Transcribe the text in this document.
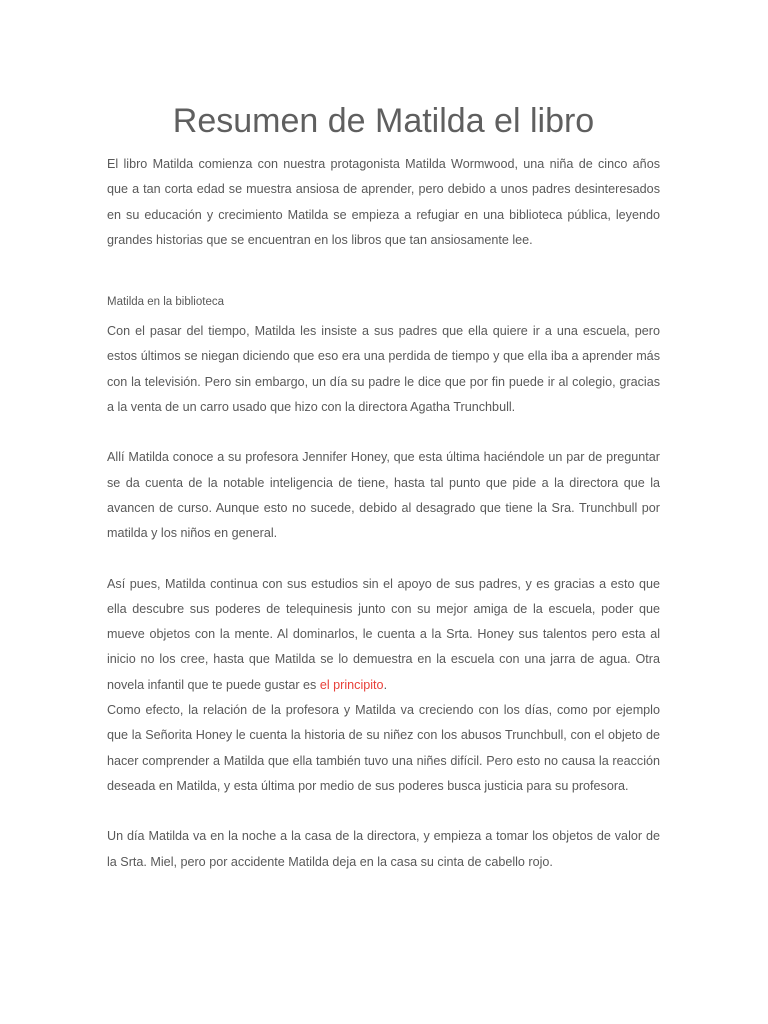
Resumen de Matilda el libro

El libro Matilda comienza con nuestra protagonista Matilda Wormwood, una niña de cinco años que a tan corta edad se muestra ansiosa de aprender, pero debido a unos padres desinteresados en su educación y crecimiento Matilda se empieza a refugiar en una biblioteca pública, leyendo grandes historias que se encuentran en los libros que tan ansiosamente lee.

Matilda en la biblioteca

Con el pasar del tiempo, Matilda les insiste a sus padres que ella quiere ir a una escuela, pero estos últimos se niegan diciendo que eso era una perdida de tiempo y que ella iba a aprender más con la televisión. Pero sin embargo, un día su padre le dice que por fin puede ir al colegio, gracias a la venta de un carro usado que hizo con la directora Agatha Trunchbull.

Allí Matilda conoce a su profesora Jennifer Honey, que esta última haciéndole un par de preguntar se da cuenta de la notable inteligencia de tiene, hasta tal punto que pide a la directora que la avancen de curso. Aunque esto no sucede, debido al desagrado que tiene la Sra. Trunchbull por matilda y los niños en general.

Así pues, Matilda continua con sus estudios sin el apoyo de sus padres, y es gracias a esto que ella descubre sus poderes de telequinesis junto con su mejor amiga de la escuela, poder que mueve objetos con la mente. Al dominarlos, le cuenta a la Srta. Honey sus talentos pero esta al inicio no los cree, hasta que Matilda se lo demuestra en la escuela con una jarra de agua. Otra novela infantil que te puede gustar es el principito.

Como efecto, la relación de la profesora y Matilda va creciendo con los días, como por ejemplo que la Señorita Honey le cuenta la historia de su niñez con los abusos Trunchbull, con el objeto de hacer comprender a Matilda que ella también tuvo una niñes difícil. Pero esto no causa la reacción deseada en Matilda, y esta última por medio de sus poderes busca justicia para su profesora.

Un día Matilda va en la noche a la casa de la directora, y empieza a tomar los objetos de valor de la Srta. Miel, pero por accidente Matilda deja en la casa su cinta de cabello rojo.
